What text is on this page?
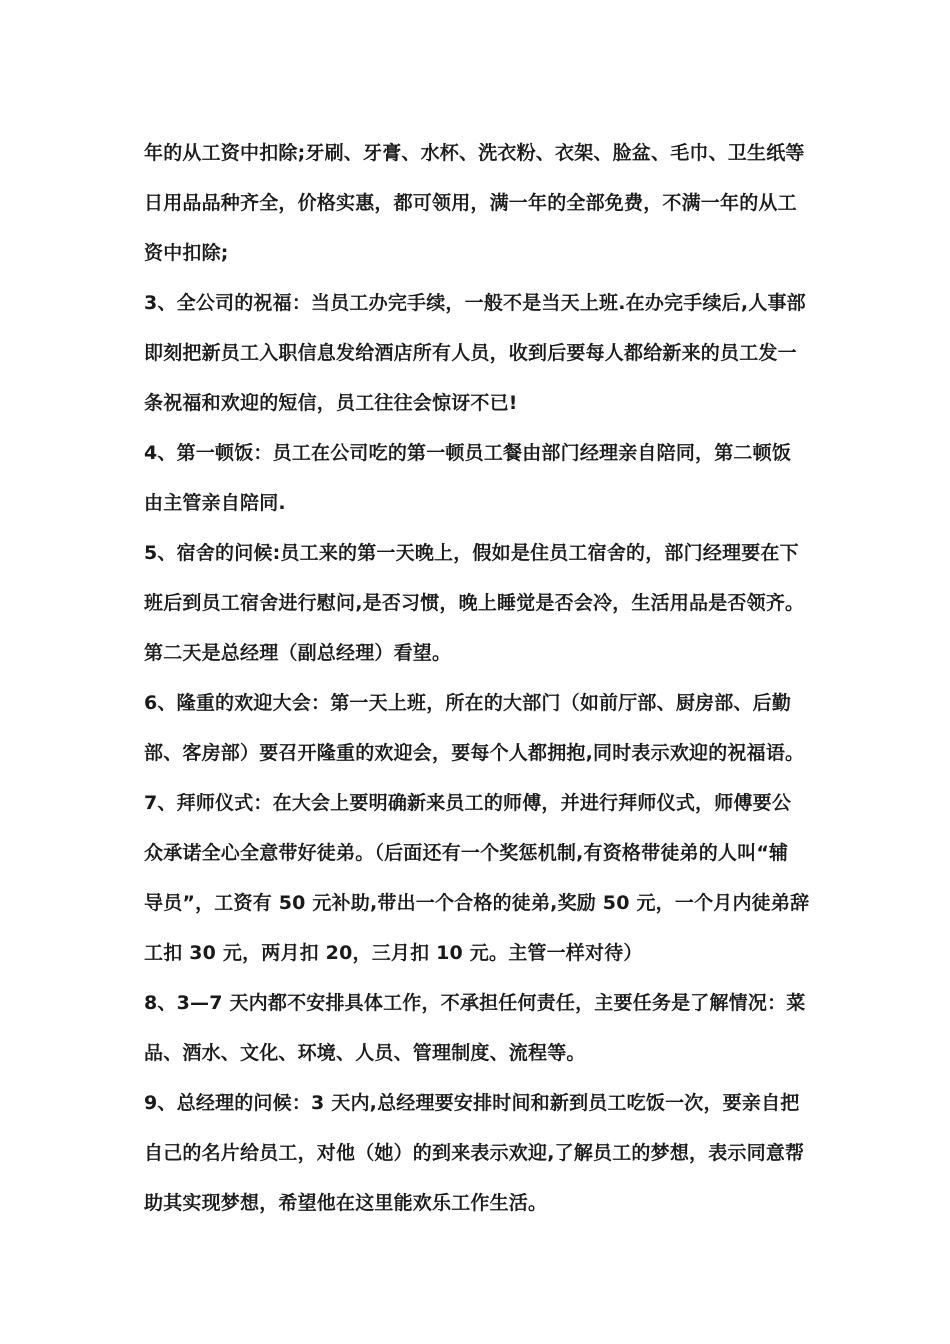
年的从工资中扣除;牙刷、牙膏、水杯、洗衣粉、衣架、脸盆、毛巾、卫生纸等
日用品品种齐全，价格实惠，都可领用，满一年的全部免费，不满一年的从工
资中扣除;
3、全公司的祝福：当员工办完手续，一般不是当天上班.在办完手续后,人事部
即刻把新员工入职信息发给酒店所有人员，收到后要每人都给新来的员工发一
条祝福和欢迎的短信，员工往往会惊讶不已!
4、第一顿饭：员工在公司吃的第一顿员工餐由部门经理亲自陪同，第二顿饭
由主管亲自陪同.
5、宿舍的问候:员工来的第一天晚上，假如是住员工宿舍的，部门经理要在下
班后到员工宿舍进行慰问,是否习惯，晚上睡觉是否会冷，生活用品是否领齐。
第二天是总经理（副总经理）看望。
6、隆重的欢迎大会：第一天上班，所在的大部门（如前厅部、厨房部、后勤
部、客房部）要召开隆重的欢迎会，要每个人都拥抱,同时表示欢迎的祝福语。
7、拜师仪式：在大会上要明确新来员工的师傅，并进行拜师仪式，师傅要公
众承诺全心全意带好徒弟。（后面还有一个奖惩机制,有资格带徒弟的人叫“辅
导员”，工资有 50 元补助,带出一个合格的徒弟,奖励 50 元，一个月内徒弟辞
工扣 30 元，两月扣 20，三月扣 10 元。主管一样对待）
8、3—7 天内都不安排具体工作，不承担任何责任，主要任务是了解情况：菜
品、酒水、文化、环境、人员、管理制度、流程等。
9、总经理的问候：3 天内,总经理要安排时间和新到员工吃饭一次，要亲自把
自己的名片给员工，对他（她）的到来表示欢迎,了解员工的梦想，表示同意帮
助其实现梦想，希望他在这里能欢乐工作生活。
